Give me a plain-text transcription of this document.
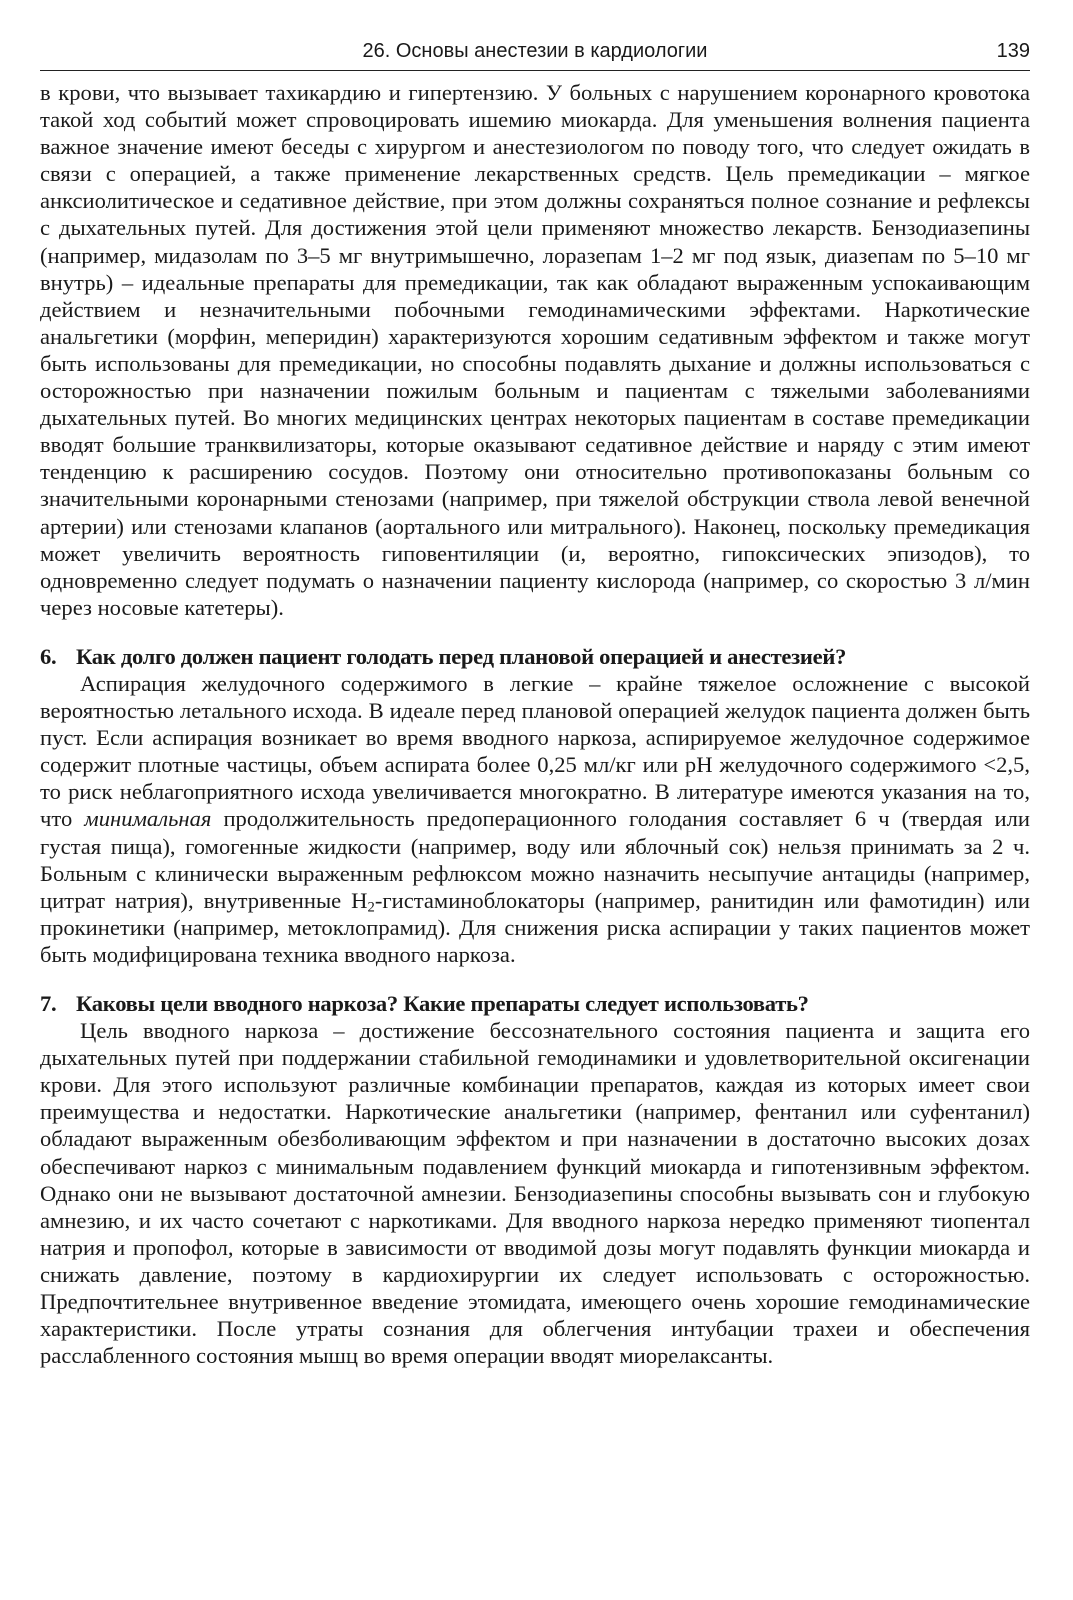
26. Основы анестезии в кардиологии	139

в крови, что вызывает тахикардию и гипертензию. У больных с нарушением коронарного кровотока такой ход событий может спровоцировать ишемию миокарда. Для уменьшения волнения пациента важное значение имеют беседы с хирургом и анестезиологом по поводу того, что следует ожидать в связи с операцией, а также применение лекарственных средств. Цель премедикации – мягкое анксиолитическое и седативное действие, при этом должны сохраняться полное сознание и рефлексы с дыхательных путей. Для достижения этой цели применяют множество лекарств. Бензодиазепины (например, мидазолам по 3–5 мг внутримышечно, лоразепам 1–2 мг под язык, диазепам по 5–10 мг внутрь) – идеальные препараты для премедикации, так как обладают выраженным успокаивающим действием и незначительными побочными гемодинамическими эффектами. Наркотические анальгетики (морфин, меперидин) характеризуются хорошим седативным эффектом и также могут быть использованы для премедикации, но способны подавлять дыхание и должны использоваться с осторожностью при назначении пожилым больным и пациентам с тяжелыми заболеваниями дыхательных путей. Во многих медицинских центрах некоторых пациентам в составе премедикации вводят большие транквилизаторы, которые оказывают седативное действие и наряду с этим имеют тенденцию к расширению сосудов. Поэтому они относительно противопоказаны больным со значительными коронарными стенозами (например, при тяжелой обструкции ствола левой венечной артерии) или стенозами клапанов (аортального или митрального). Наконец, поскольку премедикация может увеличить вероятность гиповентиляции (и, вероятно, гипоксических эпизодов), то одновременно следует подумать о назначении пациенту кислорода (например, со скоростью 3 л/мин через носовые катетеры).

6. Как долго должен пациент голодать перед плановой операцией и анестезией?

Аспирация желудочного содержимого в легкие – крайне тяжелое осложнение с высокой вероятностью летального исхода. В идеале перед плановой операцией желудок пациента должен быть пуст. Если аспирация возникает во время вводного наркоза, аспирируемое желудочное содержимое содержит плотные частицы, объем аспирата более 0,25 мл/кг или pH желудочного содержимого <2,5, то риск неблагоприятного исхода увеличивается многократно. В литературе имеются указания на то, что минимальная продолжительность предоперационного голодания составляет 6 ч (твердая или густая пища), гомогенные жидкости (например, воду или яблочный сок) нельзя принимать за 2 ч. Больным с клинически выраженным рефлюксом можно назначить несыпучие антациды (например, цитрат натрия), внутривенные $H_2$-гистаминоблокаторы (например, ранитидин или фамотидин) или прокинетики (например, метоклопрамид). Для снижения риска аспирации у таких пациентов может быть модифицирована техника вводного наркоза.

7. Каковы цели вводного наркоза? Какие препараты следует использовать?

Цель вводного наркоза – достижение бессознательного состояния пациента и защита его дыхательных путей при поддержании стабильной гемодинамики и удовлетворительной оксигенации крови. Для этого используют различные комбинации препаратов, каждая из которых имеет свои преимущества и недостатки. Наркотические анальгетики (например, фентанил или суфентанил) обладают выраженным обезболивающим эффектом и при назначении в достаточно высоких дозах обеспечивают наркоз с минимальным подавлением функций миокарда и гипотензивным эффектом. Однако они не вызывают достаточной амнезии. Бензодиазепины способны вызывать сон и глубокую амнезию, и их часто сочетают с наркотиками. Для вводного наркоза нередко применяют тиопентал натрия и пропофол, которые в зависимости от вводимой дозы могут подавлять функции миокарда и снижать давление, поэтому в кардиохирургии их следует использовать с осторожностью. Предпочтительнее внутривенное введение этомидата, имеющего очень хорошие гемодинамические характеристики. После утраты сознания для облегчения интубации трахеи и обеспечения расслабленного состояния мышц во время операции вводят миорелаксанты.
